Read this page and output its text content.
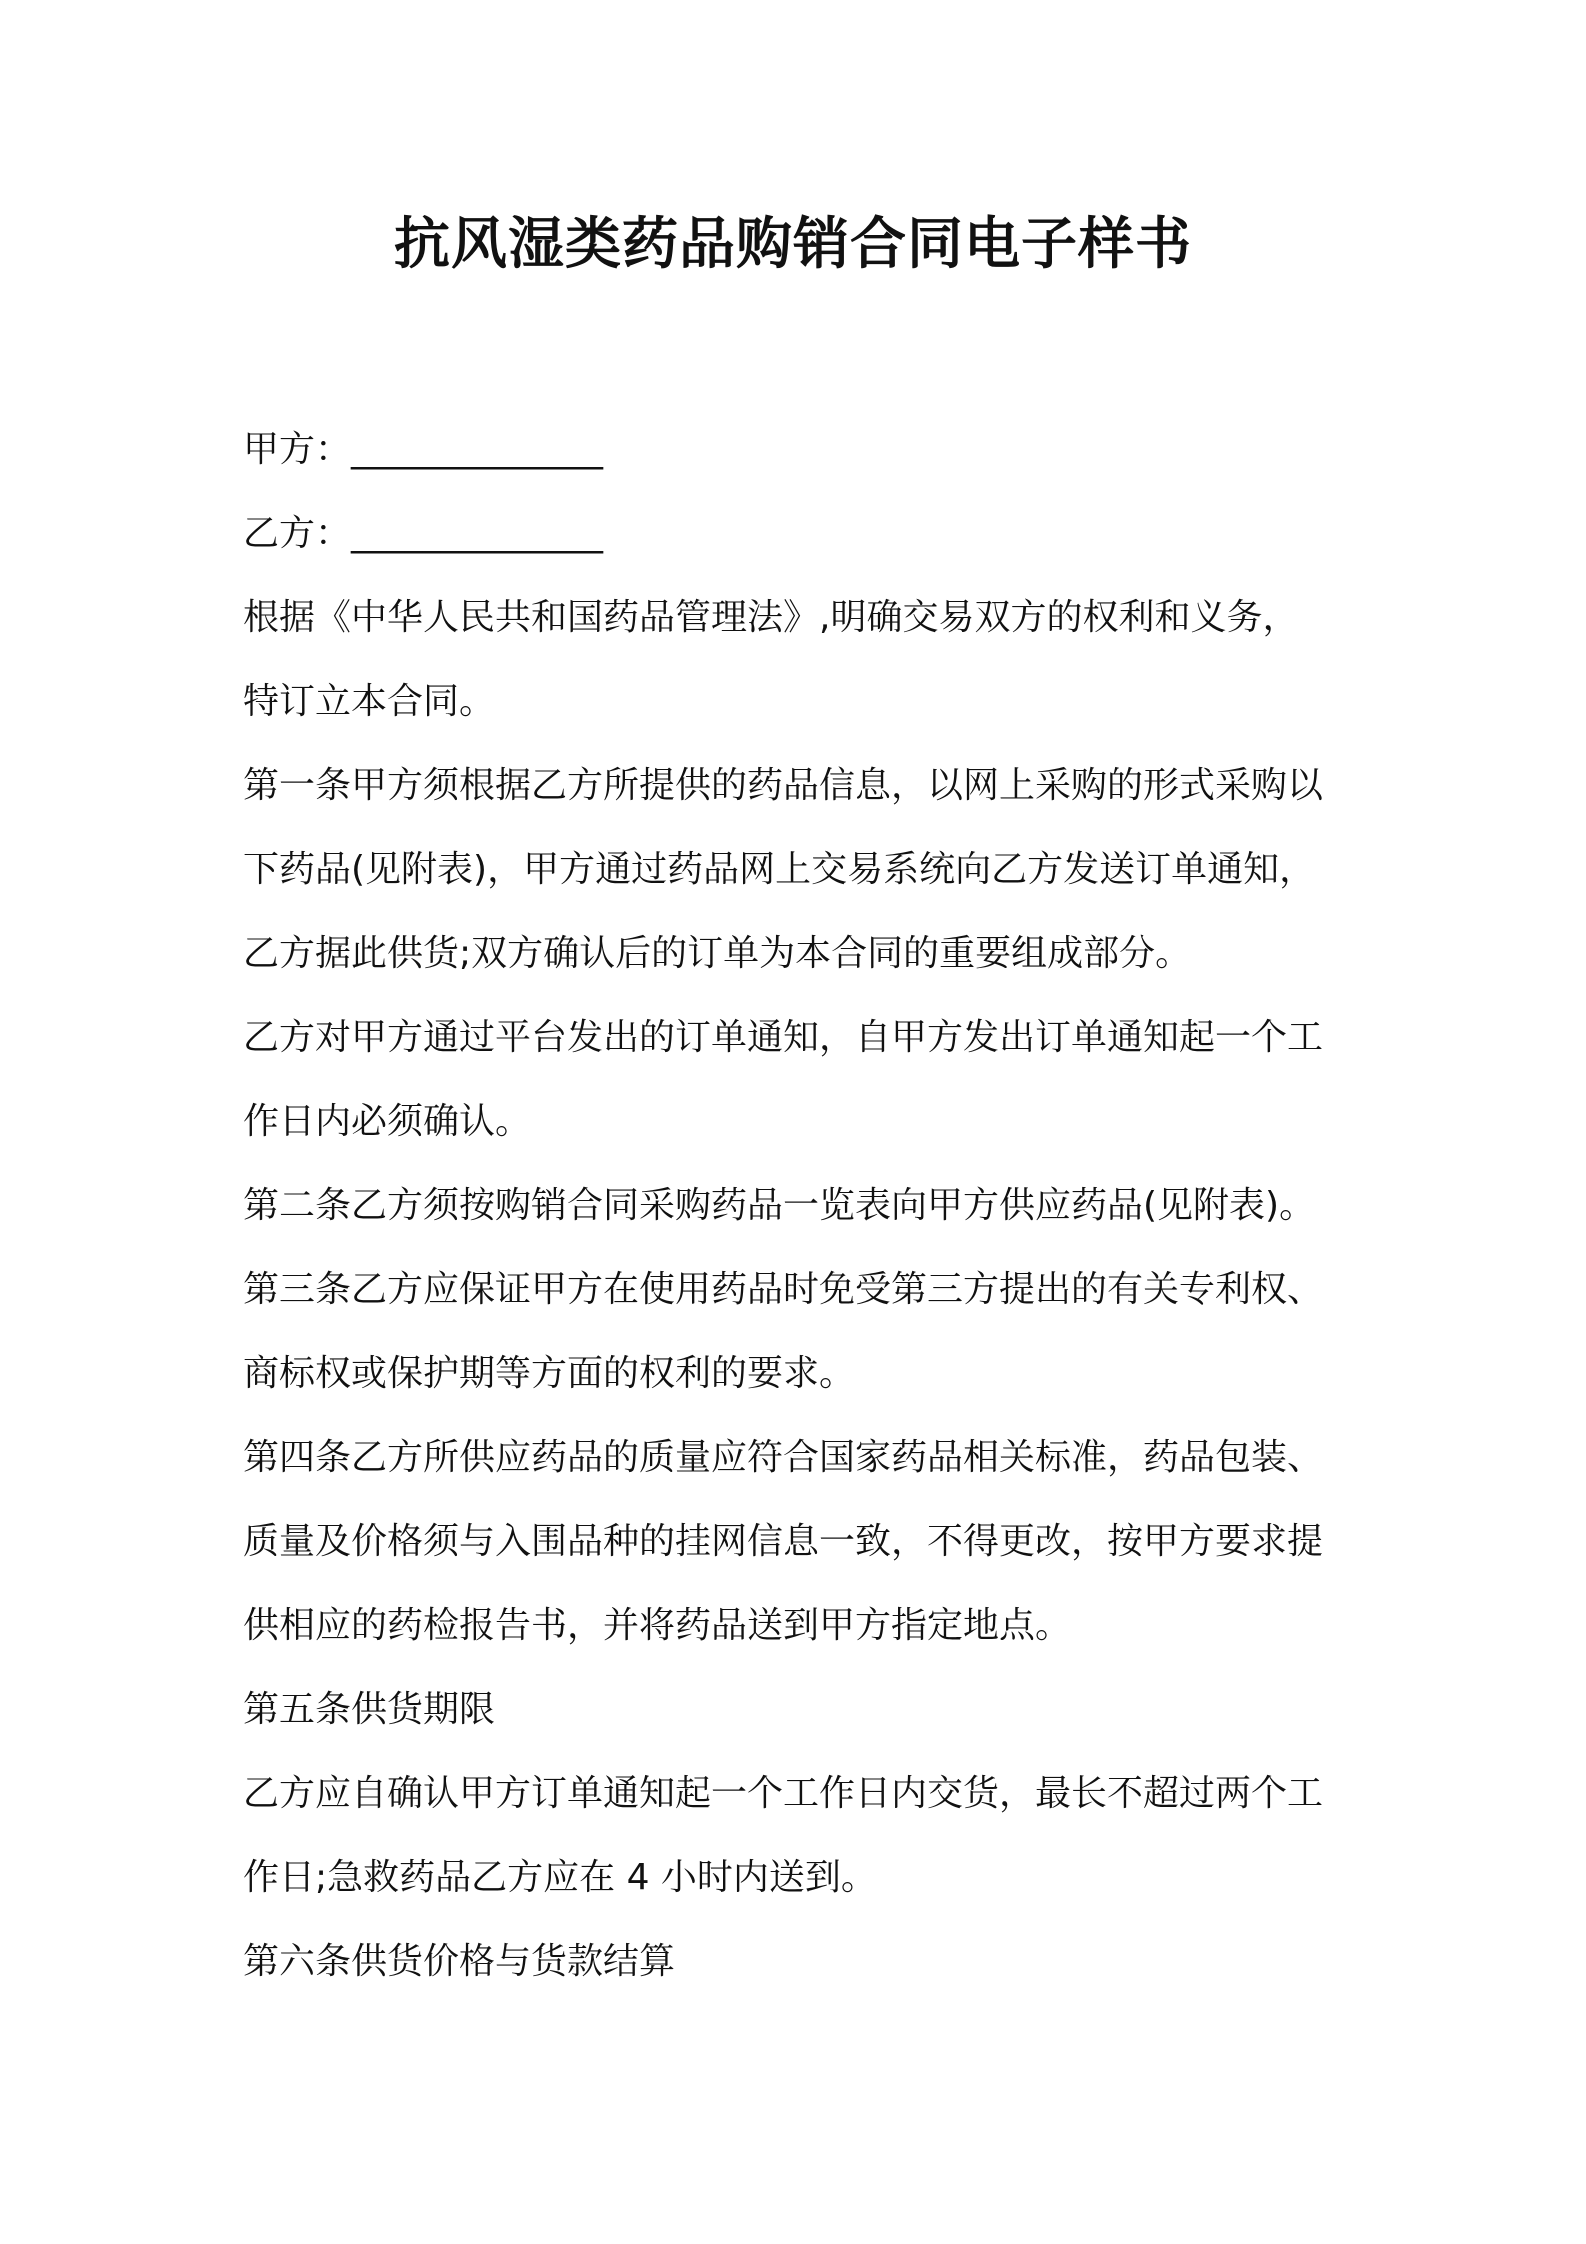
抗风湿类药品购销合同电子样书
甲方：______________
乙方：______________
根据《中华人民共和国药品管理法》,明确交易双方的权利和义务，
特订立本合同。
第一条甲方须根据乙方所提供的药品信息，以网上采购的形式采购以
下药品(见附表)，甲方通过药品网上交易系统向乙方发送订单通知，
乙方据此供货;双方确认后的订单为本合同的重要组成部分。
乙方对甲方通过平台发出的订单通知，自甲方发出订单通知起一个工
作日内必须确认。
第二条乙方须按购销合同采购药品一览表向甲方供应药品(见附表)。
第三条乙方应保证甲方在使用药品时免受第三方提出的有关专利权、
商标权或保护期等方面的权利的要求。
第四条乙方所供应药品的质量应符合国家药品相关标准，药品包装、
质量及价格须与入围品种的挂网信息一致，不得更改，按甲方要求提
供相应的药检报告书，并将药品送到甲方指定地点。
第五条供货期限
乙方应自确认甲方订单通知起一个工作日内交货，最长不超过两个工
作日;急救药品乙方应在 4 小时内送到。
第六条供货价格与货款结算
